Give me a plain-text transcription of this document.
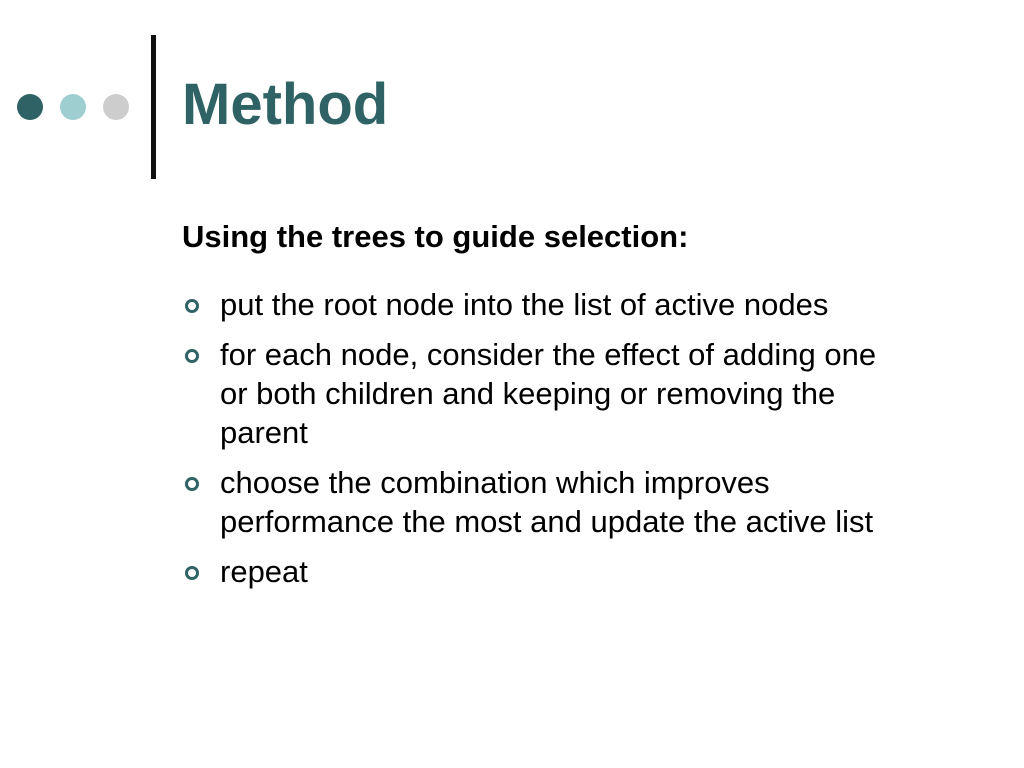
Method
Using the trees to guide selection:
put the root node into the list of active nodes
for each node, consider the effect of adding one or both children and keeping or removing the parent
choose the combination which improves performance the most and update the active list
repeat
